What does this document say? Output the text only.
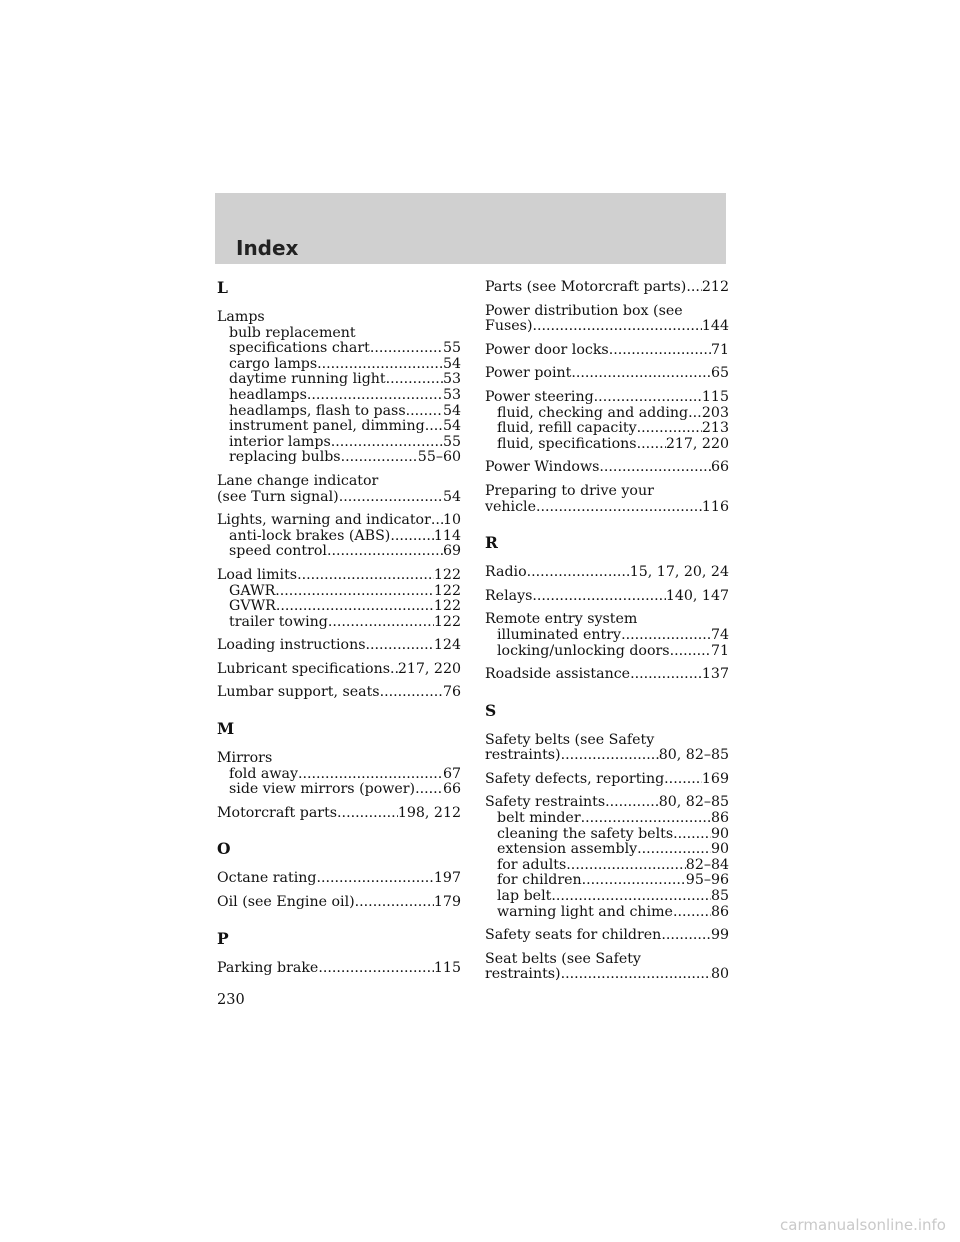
Index
L
Lamps
bulb replacement
specifications chart .....	55
cargo lamps .....	54
daytime running light .....	53
headlamps .....	53
headlamps, flash to pass .....	54
instrument panel, dimming ..... 54
interior lamps .....	55
replacing bulbs .....	55–60
Lane change indicator
(see Turn signal) .....	54
Lights, warning and indicator ..... 10
anti-lock brakes (ABS) .....	114
speed control .....	69
Load limits .....	122
GAWR .....	122
GVWR .....	122
trailer towing .....	122
Loading instructions .....	124
Lubricant specifications ..... 217, 220
Lumbar support, seats .....	76
M
Mirrors
fold away .....	67
side view mirrors (power) ..... 66
Motorcraft parts .....	198, 212
O
Octane rating .....	197
Oil (see Engine oil) .....	179
P
Parking brake .....	115
Parts (see Motorcraft parts) ..... 212
Power distribution box (see
Fuses) .....	144
Power door locks .....	71
Power point .....	65
Power steering .....	115
fluid, checking and adding ..... 203
fluid, refill capacity .....	213
fluid, specifications ..... 217, 220
Power Windows .....	66
Preparing to drive your
vehicle .....	116
R
Radio .....	15, 17, 20, 24
Relays .....	140, 147
Remote entry system
illuminated entry .....	74
locking/unlocking doors .....	71
Roadside assistance .....	137
S
Safety belts (see Safety
restraints) .....	80, 82–85
Safety defects, reporting .....	169
Safety restraints .....	80, 82–85
belt minder .....	86
cleaning the safety belts .....	90
extension assembly .....	90
for adults .....	82–84
for children .....	95–96
lap belt .....	85
warning light and chime .....	86
Safety seats for children .....	99
Seat belts (see Safety
restraints) .....	80
230
carmanualsonline.info
